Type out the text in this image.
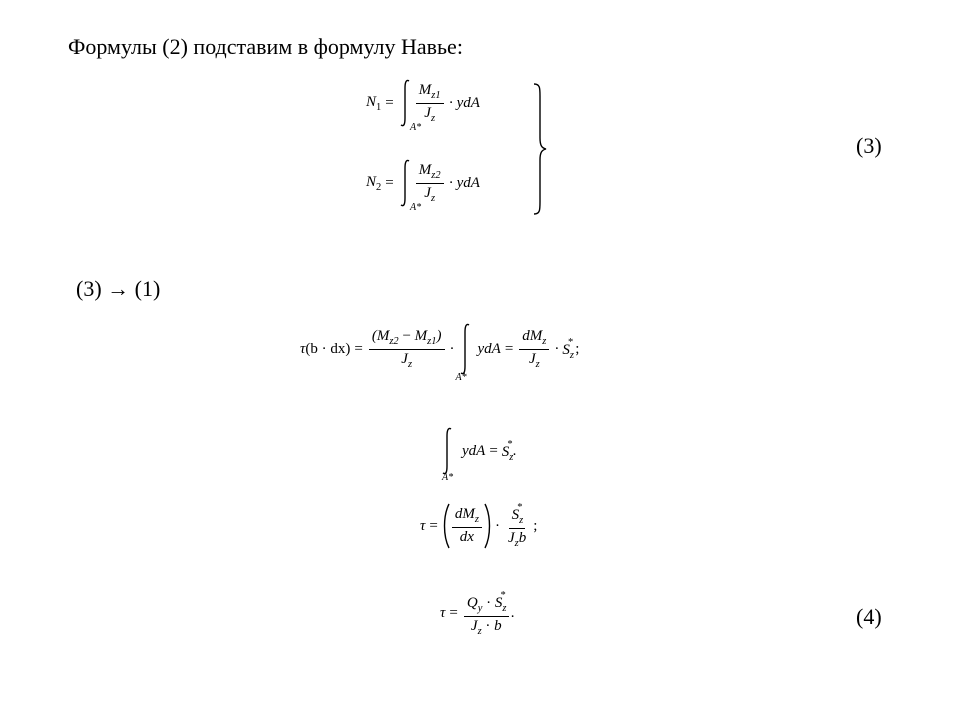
Формулы (2) подставим в формулу Навье:
$N_1$ =
A*
$\frac{M_{z1}}{J_z}$ · ydA
$N_2$ =
A*
$\frac{M_{z2}}{J_z}$ · ydA
(3)
(3) → (1)
τ $(b \cdot dx) = \frac{(M_{z2} - M_{z1})}{J_z}$ ·
A*
ydA = $\frac{dM_z}{J_z} \cdot S_z^*$ ;
A*
ydA = $S_z^*$ .
$\tau = \frac{dM_z}{dx} \cdot \frac{S_z^*}{J_zb}$ ;
$\tau = \frac{Q_y \cdot S_z^*}{J_z \cdot b}$ .	(4)
